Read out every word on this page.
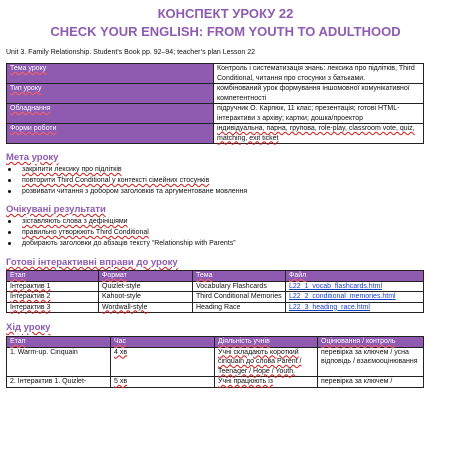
КОНСПЕКТ УРОКУ 22
CHECK YOUR ENGLISH: FROM YOUTH TO ADULTHOOD
Unit 3. Family Relationship. Student’s Book pp. 92–94; teacher’s plan Lesson 22
Тема уроку	Контроль і систематизація знань: лексика про підлітків, Third Conditional, читання про стосунки з батьками.
Тип уроку	комбінований урок формування іншомовної комунікативної компетентності
Обладнання	підручник О. Карпюк, 11 клас; презентація; готові HTML-інтерактиви з архіву; картки; дошка/проектор
Форми роботи	індивідуальна, парна, групова, role-play, classroom vote, quiz, matching, exit ticket
Мета уроку
закріпити лексику про підлітків
повторити Third Conditional у контексті сімейних стосунків
розвивати читання з добором заголовків та аргументоване мовлення
Очікувані результати
зіставляють слова з дефініціями
правильно утворюють Third Conditional
добирають заголовки до абзаців тексту “Relationship with Parents”
Готові інтерактивні вправи до уроку
Етап	Формат	Тема	Файл
Інтерактив 1	Quizlet-style	Vocabulary Flashcards	L22_1_vocab_flashcards.html
Інтерактив 2	Kahoot-style	Third Conditional Memories	L22_2_conditional_memories.html
Інтерактив 3	Wordwall-style	Heading Race	L22_3_heading_race.html
Хід уроку
Етап	Час	Діяльність учнів	Оцінювання / контроль
1. Warm-up. Cinquain	4 хв	Учні складають короткий cinquain до слова Parent / Teenager / Hope / Youth.	перевірка за ключем / усна відповідь / взаємооцінювання
2. Інтерактив 1. Quizlet-	5 хв	Учні працюють із	перевірка за ключем /
